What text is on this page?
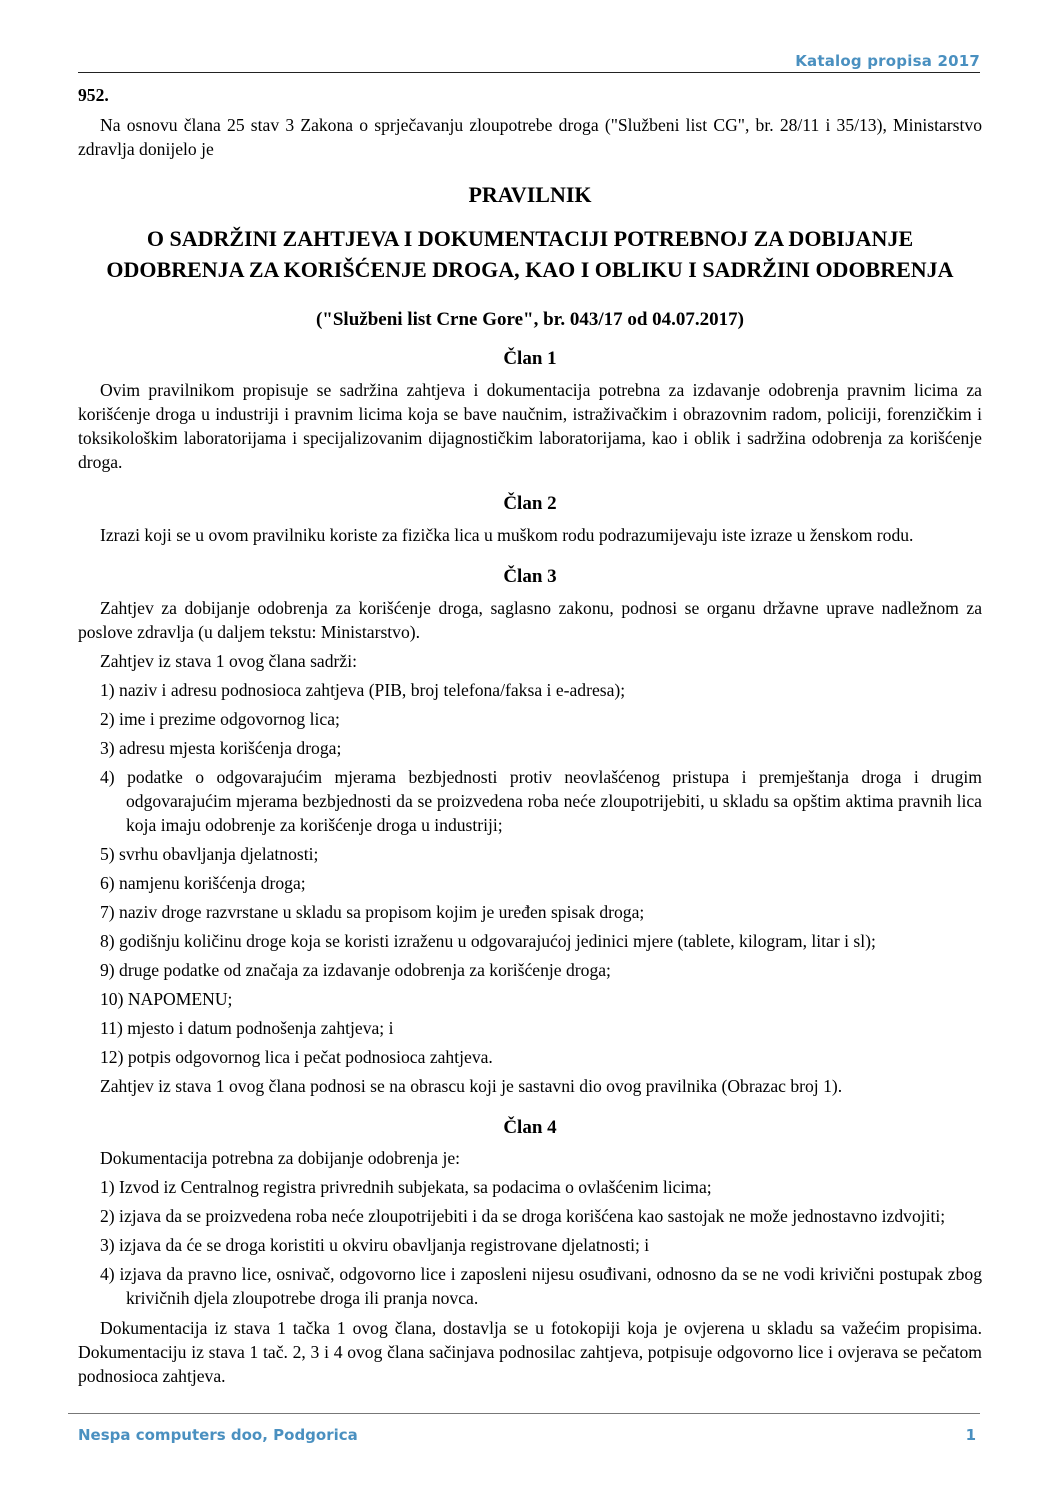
Katalog propisa 2017

952.

Na osnovu člana 25 stav 3 Zakona o sprječavanju zloupotrebe droga ("Službeni list CG", br. 28/11 i 35/13), Ministarstvo zdravlja donijelo je

PRAVILNIK

O SADRŽINI ZAHTJEVA I DOKUMENTACIJI POTREBNOJ ZA DOBIJANJE ODOBRENJA ZA KORIŠĆENJE DROGA, KAO I OBLIKU I SADRŽINI ODOBRENJA

("Službeni list Crne Gore", br. 043/17 od 04.07.2017)

Član 1

Ovim pravilnikom propisuje se sadržina zahtjeva i dokumentacija potrebna za izdavanje odobrenja pravnim licima za korišćenje droga u industriji i pravnim licima koja se bave naučnim, istraživačkim i obrazovnim radom, policiji, forenzičkim i toksikološkim laboratorijama i specijalizovanim dijagnostičkim laboratorijama, kao i oblik i sadržina odobrenja za korišćenje droga.

Član 2

Izrazi koji se u ovom pravilniku koriste za fizička lica u muškom rodu podrazumijevaju iste izraze u ženskom rodu.

Član 3

Zahtjev za dobijanje odobrenja za korišćenje droga, saglasno zakonu, podnosi se organu državne uprave nadležnom za poslove zdravlja (u daljem tekstu: Ministarstvo).

Zahtjev iz stava 1 ovog člana sadrži:

1) naziv i adresu podnosioca zahtjeva (PIB, broj telefona/faksa i e-adresa);

2) ime i prezime odgovornog lica;

3) adresu mjesta korišćenja droga;

4) podatke o odgovarajućim mjerama bezbjednosti protiv neovlašćenog pristupa i premještanja droga i drugim odgovarajućim mjerama bezbjednosti da se proizvedena roba neće zloupotrijebiti, u skladu sa opštim aktima pravnih lica koja imaju odobrenje za korišćenje droga u industriji;

5) svrhu obavljanja djelatnosti;

6) namjenu korišćenja droga;

7) naziv droge razvrstane u skladu sa propisom kojim je uređen spisak droga;

8) godišnju količinu droge koja se koristi izraženu u odgovarajućoj jedinici mjere (tablete, kilogram, litar i sl);

9) druge podatke od značaja za izdavanje odobrenja za korišćenje droga;

10) NAPOMENU;

11) mjesto i datum podnošenja zahtjeva; i

12) potpis odgovornog lica i pečat podnosioca zahtjeva.

Zahtjev iz stava 1 ovog člana podnosi se na obrascu koji je sastavni dio ovog pravilnika (Obrazac broj 1).

Član 4

Dokumentacija potrebna za dobijanje odobrenja je:

1) Izvod iz Centralnog registra privrednih subjekata, sa podacima o ovlašćenim licima;

2) izjava da se proizvedena roba neće zloupotrijebiti i da se droga korišćena kao sastojak ne može jednostavno izdvojiti;

3) izjava da će se droga koristiti u okviru obavljanja registrovane djelatnosti; i

4) izjava da pravno lice, osnivač, odgovorno lice i zaposleni nijesu osuđivani, odnosno da se ne vodi krivični postupak zbog krivičnih djela zloupotrebe droga ili pranja novca.

Dokumentacija iz stava 1 tačka 1 ovog člana, dostavlja se u fotokopiji koja je ovjerena u skladu sa važećim propisima. Dokumentaciju iz stava 1 tač. 2, 3 i 4 ovog člana sačinjava podnosilac zahtjeva, potpisuje odgovorno lice i ovjerava se pečatom podnosioca zahtjeva.

Nespa computers doo, Podgorica	1
